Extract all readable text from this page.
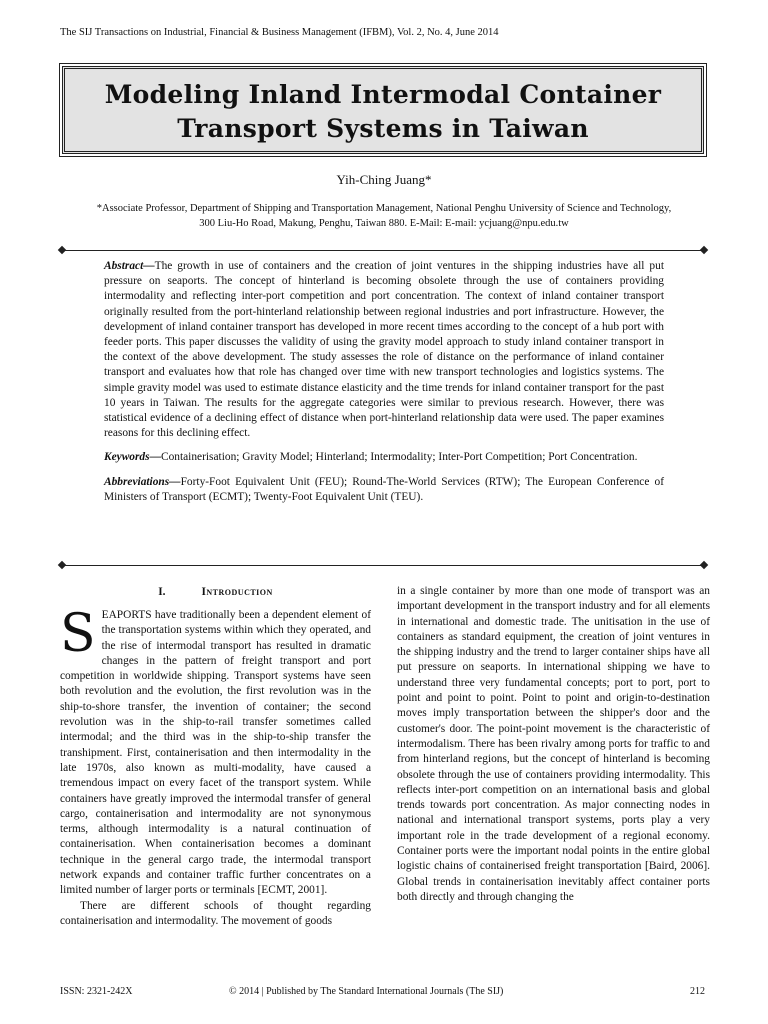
The SIJ Transactions on Industrial, Financial & Business Management (IFBM), Vol. 2, No. 4, June 2014
Modeling Inland Intermodal Container
Transport Systems in Taiwan
Yih-Ching Juang*
*Associate Professor, Department of Shipping and Transportation Management, National Penghu University of Science and Technology,
300 Liu-Ho Road, Makung, Penghu, Taiwan 880. E-Mail: E-mail: ycjuang@npu.edu.tw

Abstract—The growth in use of containers and the creation of joint ventures in the shipping industries have all put pressure on seaports. The concept of hinterland is becoming obsolete through the use of containers providing intermodality and reflecting inter-port competition and port concentration. The context of inland container transport originally resulted from the port-hinterland relationship between regional industries and port infrastructure. However, the development of inland container transport has developed in more recent times according to the concept of a hub port with feeder ports. This paper discusses the validity of using the gravity model approach to study inland container transport in the context of the above development. The study assesses the role of distance on the performance of inland container transport and evaluates how that role has changed over time with new transport technologies and logistics systems. The simple gravity model was used to estimate distance elasticity and the time trends for inland container transport for the past 10 years in Taiwan. The results for the aggregate categories were similar to previous research. However, there was statistical evidence of a declining effect of distance when port-hinterland relationship data were used. The paper examines reasons for this declining effect.

Keywords—Containerisation; Gravity Model; Hinterland; Intermodality; Inter-Port Competition; Port Concentration.

Abbreviations—Forty-Foot Equivalent Unit (FEU); Round-The-World Services (RTW); The European Conference of Ministers of Transport (ECMT); Twenty-Foot Equivalent Unit (TEU).

I.	Introduction

SEAPORTS have traditionally been a dependent element of the transportation systems within which they operated, and the rise of intermodal transport has resulted in dramatic changes in the pattern of freight transport and port competition in worldwide shipping. Transport systems have seen both revolution and the evolution, the first revolution was in the ship-to-shore transfer, the invention of container; the second revolution was in the ship-to-rail transfer sometimes called intermodal; and the third was in the ship-to-ship transfer the transhipment. First, containerisation and then intermodality in the late 1970s, also known as multi-modality, have caused a tremendous impact on every facet of the transport system. While containers have greatly improved the intermodal transfer of general cargo, containerisation and intermodality are not synonymous terms, although intermodality is a natural continuation of containerisation. When containerisation becomes a dominant technique in the general cargo trade, the intermodal transport network expands and container traffic further concentrates on a limited number of larger ports or terminals [ECMT, 2001].

There are different schools of thought regarding containerisation and intermodality. The movement of goods

in a single container by more than one mode of transport was an important development in the transport industry and for all elements in international and domestic trade. The unitisation in the use of containers as standard equipment, the creation of joint ventures in the shipping industry and the trend to larger container ships have all put pressure on seaports. In international shipping we have to understand three very fundamental concepts; port to port, port to point and point to point. Point to point and origin-to-destination moves imply transportation between the shipper's door and the customer's door. The point-point movement is the characteristic of intermodalism. There has been rivalry among ports for traffic to and from hinterland regions, but the concept of hinterland is becoming obsolete through the use of containers providing intermodality. This reflects inter-port competition on an international basis and global trends towards port concentration. As major connecting nodes in national and international transport systems, ports play a very important role in the trade development of a regional economy. Container ports were the important nodal points in the entire global logistic chains of containerised freight transportation [Baird, 2006]. Global trends in containerisation inevitably affect container ports both directly and through changing the

ISSN: 2321-242X	© 2014 | Published by The Standard International Journals (The SIJ)	212
